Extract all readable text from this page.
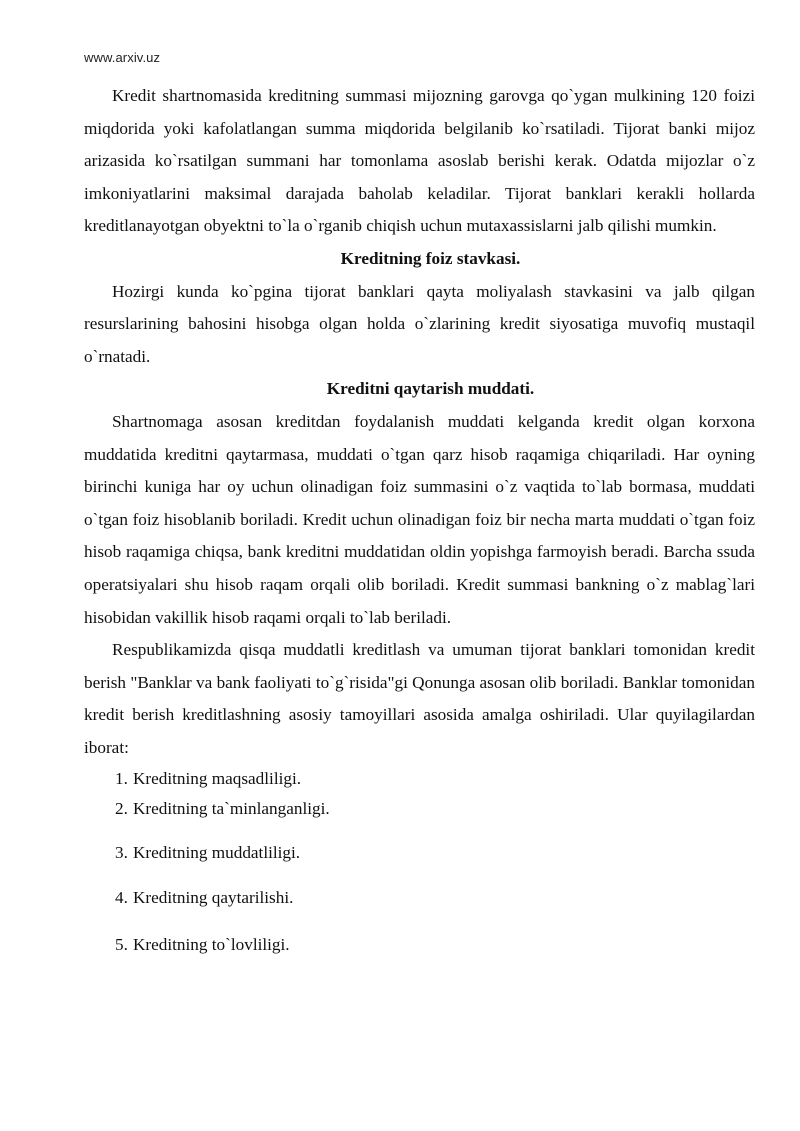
www.arxiv.uz

Kredit shartnomasida kreditning summasi mijozning garovga qo`ygan mulkining 120 foizi miqdorida yoki kafolatlangan summa miqdorida belgilanib ko`rsatiladi. Tijorat banki mijoz arizasida ko`rsatilgan summani har tomonlama asoslab berishi kerak. Odatda mijozlar o`z imkoniyatlarini maksimal darajada baholab keladilar. Tijorat banklari kerakli hollarda kreditlanayotgan obyektni to`la o`rganib chiqish uchun mutaxassislarni jalb qilishi mumkin.

Kreditning foiz stavkasi.

Hozirgi kunda ko`pgina tijorat banklari qayta moliyalash stavkasini va jalb qilgan resurslarining bahosini hisobga olgan holda o`zlarining kredit siyosatiga muvofiq mustaqil o`rnatadi.

Kreditni qaytarish muddati.

Shartnomaga asosan kreditdan foydalanish muddati kelganda kredit olgan korxona muddatida kreditni qaytarmasa, muddati o`tgan qarz hisob raqamiga chiqariladi. Har oyning birinchi kuniga har oy uchun olinadigan foiz summasini o`z vaqtida to`lab bormasa, muddati o`tgan foiz hisoblanib boriladi. Kredit uchun olinadigan foiz bir necha marta muddati o`tgan foiz hisob raqamiga chiqsa, bank kreditni muddatidan oldin yopishga farmoyish beradi. Barcha ssuda operatsiyalari shu hisob raqam orqali olib boriladi. Kredit summasi bankning o`z mablag`lari hisobidan vakillik hisob raqami orqali to`lab beriladi.

Respublikamizda qisqa muddatli kreditlash va umuman tijorat banklari tomonidan kredit berish "Banklar va bank faoliyati to`g`risida"gi Qonunga asosan olib boriladi. Banklar tomonidan kredit berish kreditlashning asosiy tamoyillari asosida amalga oshiriladi. Ular quyilagilardan iborat:

1. Kreditning maqsadliligi.
2. Kreditning ta`minlanganligi.
3. Kreditning muddatliligi.
4. Kreditning qaytarilishi.
5. Kreditning to`lovliligi.
